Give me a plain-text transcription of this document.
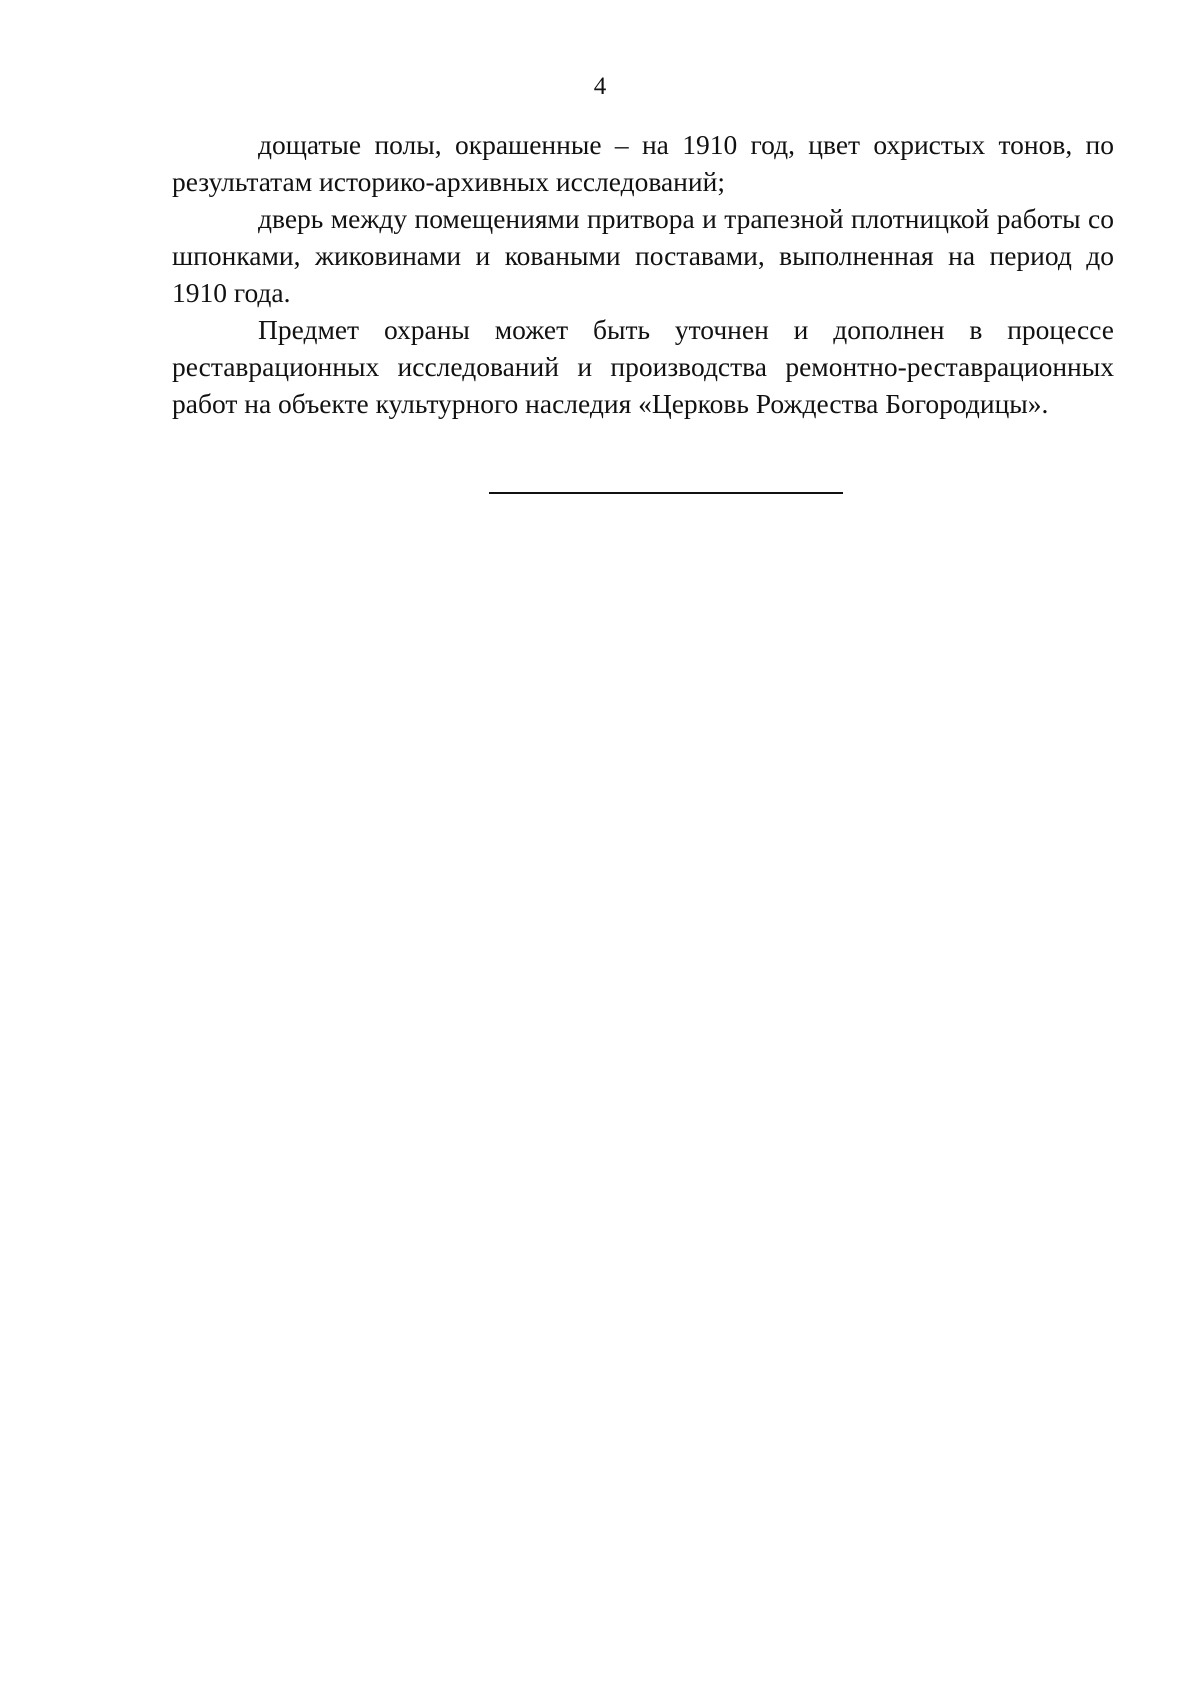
4

дощатые полы, окрашенные – на 1910 год, цвет охристых тонов, по результатам историко-архивных исследований;

дверь между помещениями притвора и трапезной плотницкой работы со шпонками, жиковинами и коваными поставами, выполненная на период до 1910 года.

Предмет охраны может быть уточнен и дополнен в процессе реставрационных исследований и производства ремонтно-реставрационных работ на объекте культурного наследия «Церковь Рождества Богородицы».
